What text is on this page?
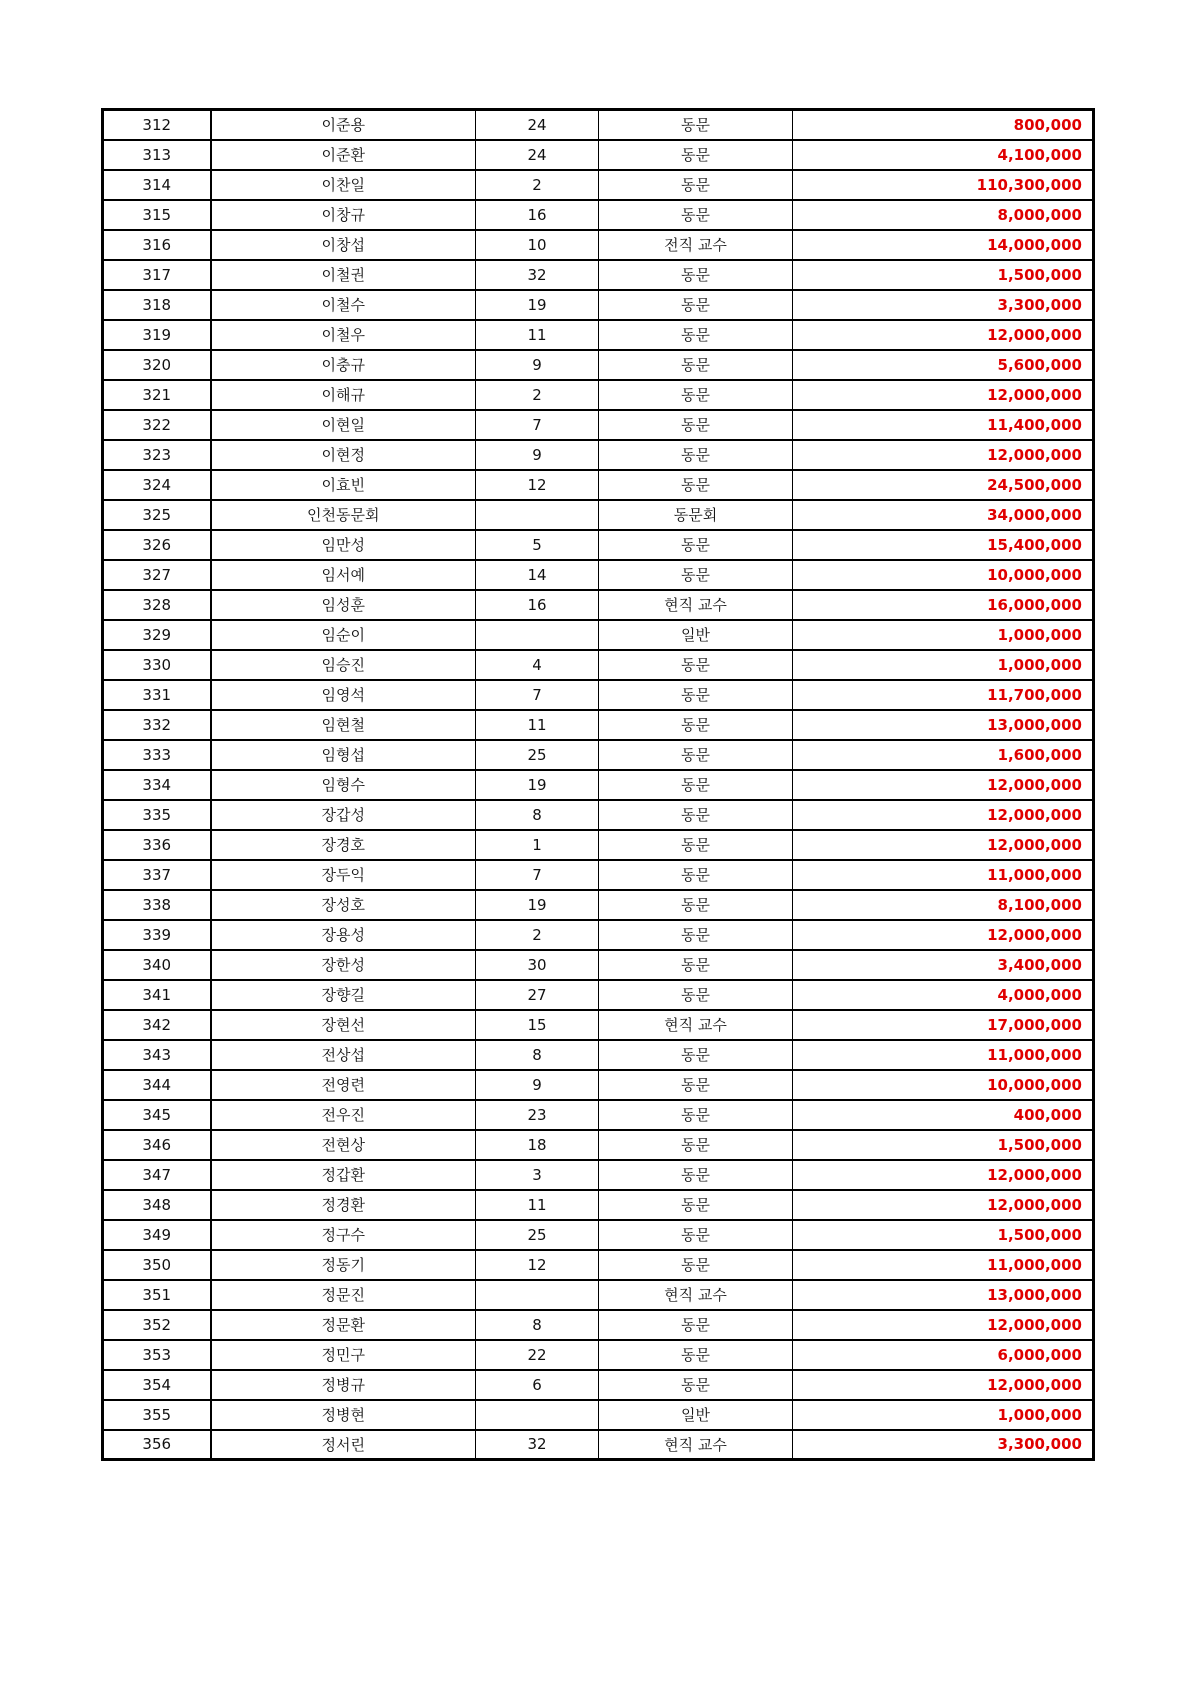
312	이준용	24	동문	800,000
313	이준환	24	동문	4,100,000
314	이찬일	2	동문	110,300,000
315	이창규	16	동문	8,000,000
316	이창섭	10	전직 교수	14,000,000
317	이철권	32	동문	1,500,000
318	이철수	19	동문	3,300,000
319	이철우	11	동문	12,000,000
320	이충규	9	동문	5,600,000
321	이해규	2	동문	12,000,000
322	이현일	7	동문	11,400,000
323	이현정	9	동문	12,000,000
324	이효빈	12	동문	24,500,000
325	인천동문회		동문회	34,000,000
326	임만성	5	동문	15,400,000
327	임서예	14	동문	10,000,000
328	임성훈	16	현직 교수	16,000,000
329	임순이		일반	1,000,000
330	임승진	4	동문	1,000,000
331	임영석	7	동문	11,700,000
332	임현철	11	동문	13,000,000
333	임형섭	25	동문	1,600,000
334	임형수	19	동문	12,000,000
335	장갑성	8	동문	12,000,000
336	장경호	1	동문	12,000,000
337	장두익	7	동문	11,000,000
338	장성호	19	동문	8,100,000
339	장용성	2	동문	12,000,000
340	장한성	30	동문	3,400,000
341	장향길	27	동문	4,000,000
342	장현선	15	현직 교수	17,000,000
343	전상섭	8	동문	11,000,000
344	전영련	9	동문	10,000,000
345	전우진	23	동문	400,000
346	전현상	18	동문	1,500,000
347	정갑환	3	동문	12,000,000
348	정경환	11	동문	12,000,000
349	정구수	25	동문	1,500,000
350	정동기	12	동문	11,000,000
351	정문진		현직 교수	13,000,000
352	정문환	8	동문	12,000,000
353	정민구	22	동문	6,000,000
354	정병규	6	동문	12,000,000
355	정병현		일반	1,000,000
356	정서린	32	현직 교수	3,300,000
